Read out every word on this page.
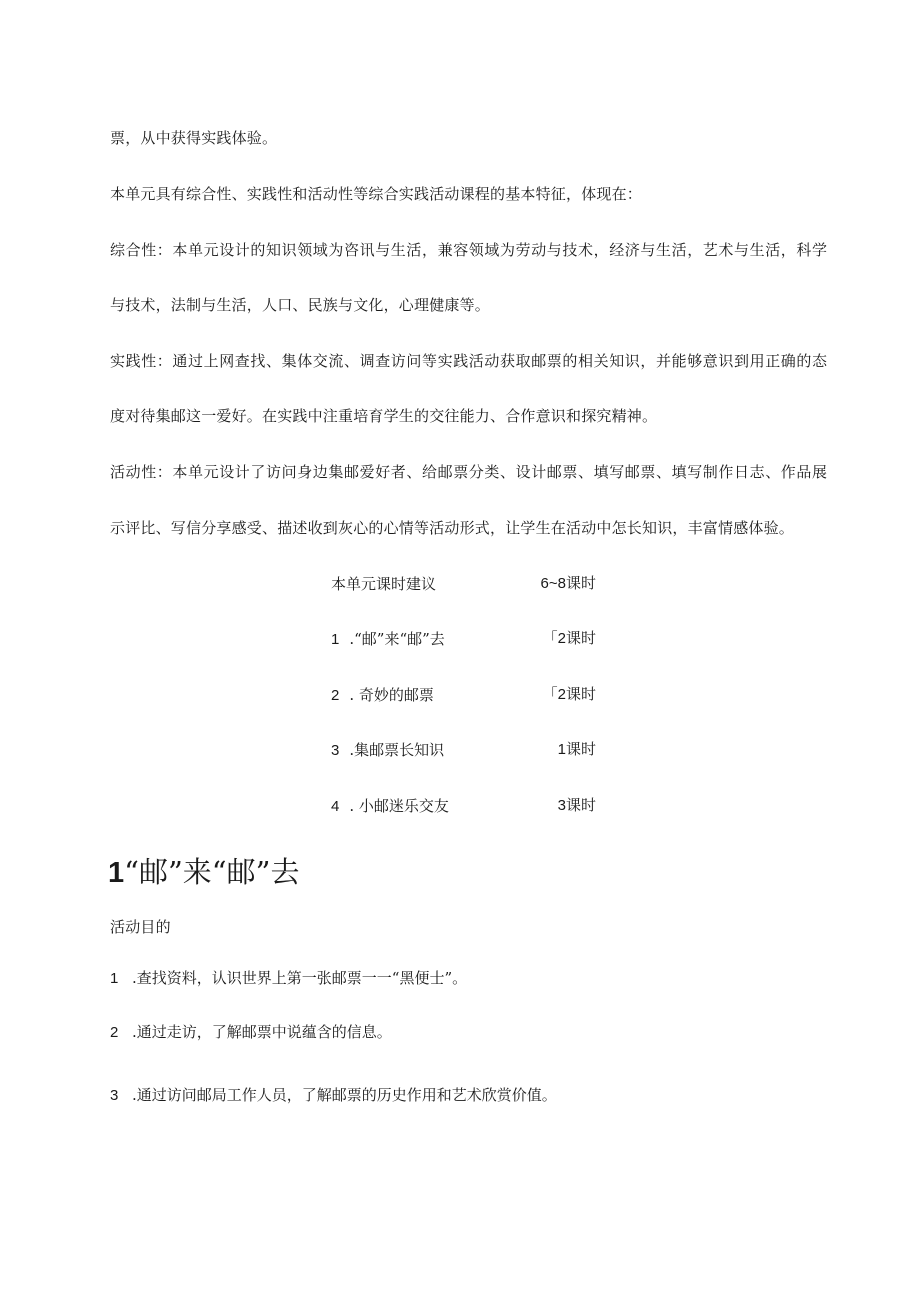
票，从中获得实践体验。
本单元具有综合性、实践性和活动性等综合实践活动课程的基本特征，体现在：
综合性：本单元设计的知识领域为咨讯与生活，兼容领域为劳动与技术，经济与生活，艺术与生活，科学
与技术，法制与生活，人口、民族与文化，心理健康等。
实践性：通过上网查找、集体交流、调查访问等实践活动获取邮票的相关知识，并能够意识到用正确的态
度对待集邮这一爱好。在实践中注重培育学生的交往能力、合作意识和探究精神。
活动性：本单元设计了访问身边集邮爱好者、给邮票分类、设计邮票、填写邮票、填写制作日志、作品展
示评比、写信分享感受、描述收到灰心的心情等活动形式，让学生在活动中怎长知识，丰富情感体验。
本单元课时建议	6~8课时
1 .“邮”来“邮”去	「2课时
2 . 奇妙的邮票	「2课时
3 .集邮票长知识	1课时
4 . 小邮迷乐交友	3课时
1“邮”来“邮”去
活动目的
1 .查找资料，认识世界上第一张邮票一一“黑便士”。
2 .通过走访，了解邮票中说蕴含的信息。
3 .通过访问邮局工作人员，了解邮票的历史作用和艺术欣赏价值。
